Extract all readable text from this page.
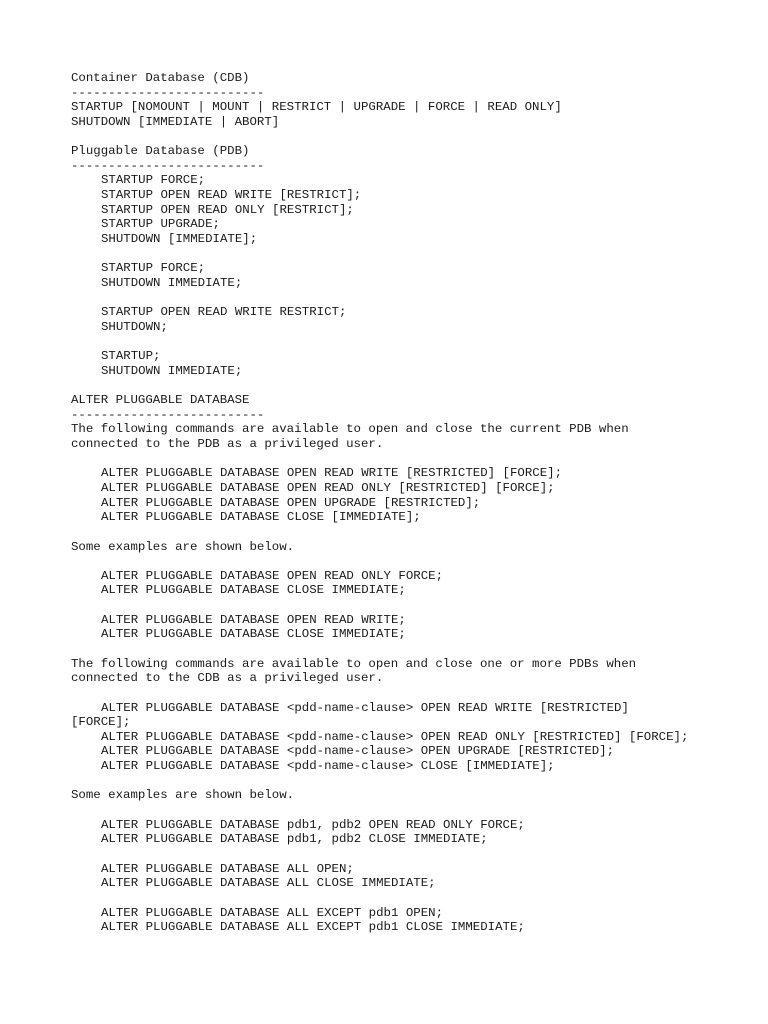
Container Database (CDB)
--------------------------
STARTUP [NOMOUNT | MOUNT | RESTRICT | UPGRADE | FORCE | READ ONLY]
SHUTDOWN [IMMEDIATE | ABORT]
Pluggable Database (PDB)
--------------------------
STARTUP FORCE;
STARTUP OPEN READ WRITE [RESTRICT];
STARTUP OPEN READ ONLY [RESTRICT];
STARTUP UPGRADE;
SHUTDOWN [IMMEDIATE];
STARTUP FORCE;
SHUTDOWN IMMEDIATE;
STARTUP OPEN READ WRITE RESTRICT;
SHUTDOWN;
STARTUP;
SHUTDOWN IMMEDIATE;
ALTER PLUGGABLE DATABASE
--------------------------
The following commands are available to open and close the current PDB when
connected to the PDB as a privileged user.
ALTER PLUGGABLE DATABASE OPEN READ WRITE [RESTRICTED] [FORCE];
ALTER PLUGGABLE DATABASE OPEN READ ONLY [RESTRICTED] [FORCE];
ALTER PLUGGABLE DATABASE OPEN UPGRADE [RESTRICTED];
ALTER PLUGGABLE DATABASE CLOSE [IMMEDIATE];
Some examples are shown below.
ALTER PLUGGABLE DATABASE OPEN READ ONLY FORCE;
ALTER PLUGGABLE DATABASE CLOSE IMMEDIATE;
ALTER PLUGGABLE DATABASE OPEN READ WRITE;
ALTER PLUGGABLE DATABASE CLOSE IMMEDIATE;
The following commands are available to open and close one or more PDBs when
connected to the CDB as a privileged user.
ALTER PLUGGABLE DATABASE <pdd-name-clause> OPEN READ WRITE [RESTRICTED]
[FORCE];
ALTER PLUGGABLE DATABASE <pdd-name-clause> OPEN READ ONLY [RESTRICTED] [FORCE];
ALTER PLUGGABLE DATABASE <pdd-name-clause> OPEN UPGRADE [RESTRICTED];
ALTER PLUGGABLE DATABASE <pdd-name-clause> CLOSE [IMMEDIATE];
Some examples are shown below.
ALTER PLUGGABLE DATABASE pdb1, pdb2 OPEN READ ONLY FORCE;
ALTER PLUGGABLE DATABASE pdb1, pdb2 CLOSE IMMEDIATE;
ALTER PLUGGABLE DATABASE ALL OPEN;
ALTER PLUGGABLE DATABASE ALL CLOSE IMMEDIATE;
ALTER PLUGGABLE DATABASE ALL EXCEPT pdb1 OPEN;
ALTER PLUGGABLE DATABASE ALL EXCEPT pdb1 CLOSE IMMEDIATE;
